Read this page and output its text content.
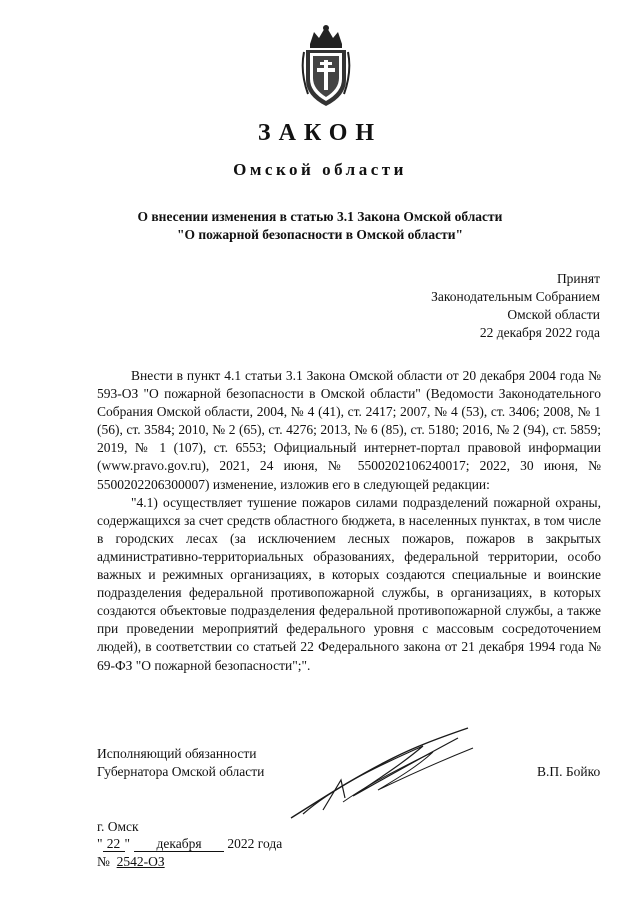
ЗАКОН
Омской области
О внесении изменения в статью 3.1 Закона Омской области
"О пожарной безопасности в Омской области"
Принят
Законодательным Собранием
Омской области
22 декабря 2022 года

Внести в пункт 4.1 статьи 3.1 Закона Омской области от 20 декабря 2004 года № 593-ОЗ "О пожарной безопасности в Омской области" (Ведомости Законодательного Собрания Омской области, 2004, № 4 (41), ст. 2417; 2007, № 4 (53), ст. 3406; 2008, № 1 (56), ст. 3584; 2010, № 2 (65), ст. 4276; 2013, № 6 (85), ст. 5180; 2016, № 2 (94), ст. 5859; 2019, № 1 (107), ст. 6553; Официальный интернет-портал правовой информации (www.pravo.gov.ru), 2021, 24 июня, № 5500202106240017; 2022, 30 июня, № 5500202206300007) изменение, изложив его в следующей редакции:

"4.1) осуществляет тушение пожаров силами подразделений пожарной охраны, содержащихся за счет средств областного бюджета, в населенных пунктах, в том числе в городских лесах (за исключением лесных пожаров, пожаров в закрытых административно-территориальных образованиях, федеральной территории, особо важных и режимных организациях, в которых создаются специальные и воинские подразделения федеральной противопожарной службы, в организациях, в которых создаются объектовые подразделения федеральной противопожарной службы, а также при проведении мероприятий федерального уровня с массовым сосредоточением людей), в соответствии со статьей 22 Федерального закона от 21 декабря 1994 года № 69-ФЗ "О пожарной безопасности";".

Исполняющий обязанности
Губернатора Омской области	В.П. Бойко
г. Омск
" 22 " декабря 2022 года
№ 2542-ОЗ
